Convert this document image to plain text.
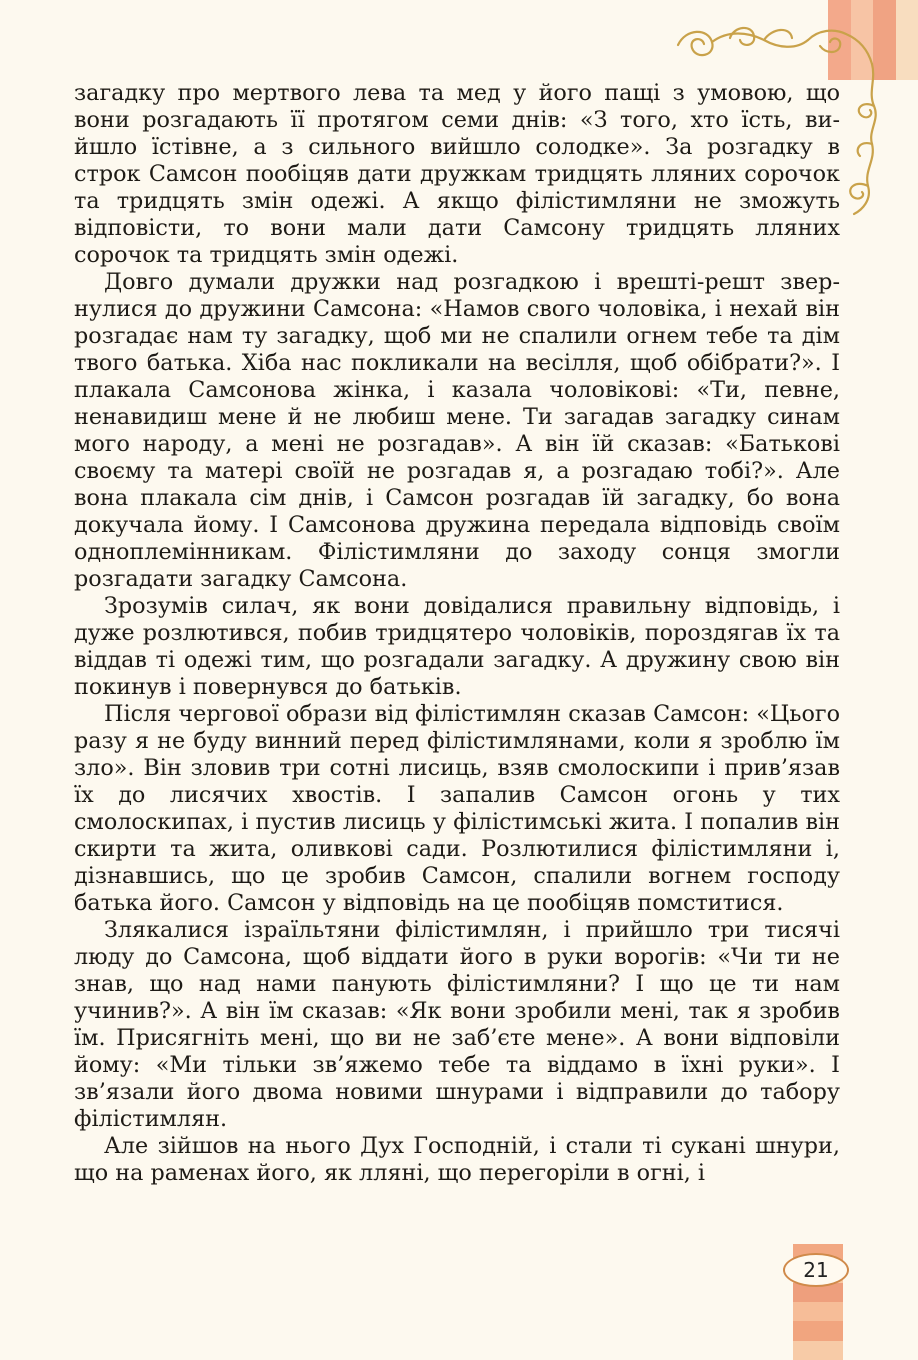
загадку про мертвого лева та мед у його пащі з умовою, що вони розгадають її протягом семи днів: «З того, хто їсть, вийшло їстівне, а з сильного вийшло солодке». За розгадку в строк Самсон пообіцяв дати дружкам тридцять лляних сорочок та тридцять змін одежі. А якщо філістимляни не зможуть відповісти, то вони мали дати Самсону тридцять лляних сорочок та тридцять змін одежі.

Довго думали дружки над розгадкою і врешті-решт звернулися до дружини Самсона: «Намов свого чоловіка, і нехай він розгадає нам ту загадку, щоб ми не спалили огнем тебе та дім твого батька. Хіба нас покликали на весілля, щоб обібрати?». І плакала Самсонова жінка, і казала чоловікові: «Ти, певне, ненавидиш мене й не любиш мене. Ти загадав загадку синам мого народу, а мені не розгадав». А він їй сказав: «Батькові своєму та матері своїй не розгадав я, а розгадаю тобі?». Але вона плакала сім днів, і Самсон розгадав їй загадку, бо вона докучала йому. І Самсонова дружина передала відповідь своїм одноплемінникам. Філістимляни до заходу сонця змогли розгадати загадку Самсона.

Зрозумів силач, як вони довідалися правильну відповідь, і дуже розлютився, побив тридцятеро чоловіків, пороздягав їх та віддав ті одежі тим, що розгадали загадку. А дружину свою він покинув і повернувся до батьків.

Після чергової образи від філістимлян сказав Самсон: «Цього разу я не буду винний перед філістимлянами, коли я зроблю їм зло». Він зловив три сотні лисиць, взяв смолоскипи і прив’язав їх до лисячих хвостів. І запалив Самсон огонь у тих смолоскипах, і пустив лисиць у філістимські жита. І попалив він скирти та жита, оливкові сади. Розлютилися філістимляни і, дізнавшись, що це зробив Самсон, спалили вогнем господу батька його. Самсон у відповідь на це пообіцяв помститися.

Злякалися ізраїльтяни філістимлян, і прийшло три тисячі люду до Самсона, щоб віддати його в руки ворогів: «Чи ти не знав, що над нами панують філістимляни? І що це ти нам учинив?». А він їм сказав: «Як вони зробили мені, так я зробив їм. Присягніть мені, що ви не заб’єте мене». А вони відповіли йому: «Ми тільки зв’яжемо тебе та віддамо в їхні руки». І зв’язали його двома новими шнурами і відправили до табору філістимлян.

Але зійшов на нього Дух Господній, і стали ті сукані шнури, що на раменах його, як лляні, що перегоріли в огні, і

21
